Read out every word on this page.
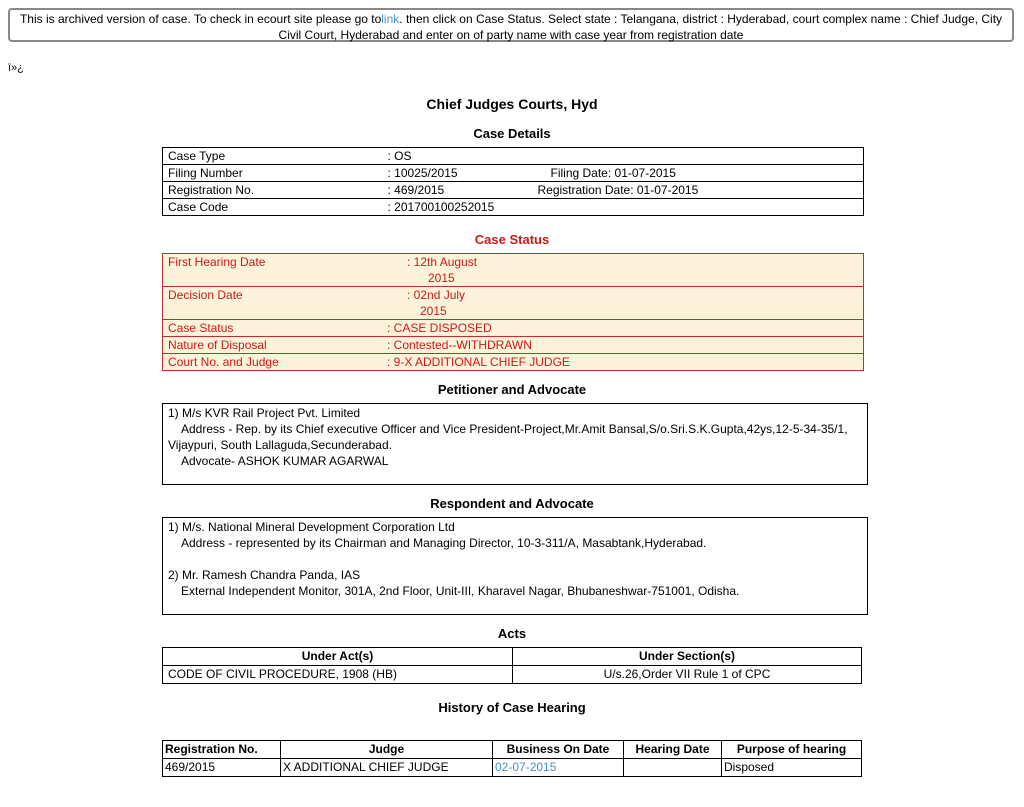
This is archived version of case. To check in ecourt site please go tolink. then click on Case Status. Select state : Telangana, district : Hyderabad, court complex name : Chief Judge, City Civil Court, Hyderabad and enter on of party name with case year from registration date
ï»¿
Chief Judges Courts, Hyd
Case Details
Case Type	: OS	
Filing Number	: 10025/2015	Filing Date: 01-07-2015
Registration No.	: 469/2015	Registration Date: 01-07-2015
Case Code	: 201700100252015	
Case Status
First Hearing Date	: 12th August
2015

Decision Date	: 02nd July
2015

Case Status	: CASE DISPOSED
Nature of Disposal	: Contested--WITHDRAWN
Court No. and Judge	: 9-X ADDITIONAL CHIEF JUDGE
Petitioner and Advocate
1) M/s KVR Rail Project Pvt. Limited
Address - Rep. by its Chief executive Officer and Vice President-Project,Mr.Amit Bansal,S/o.Sri.S.K.Gupta,42ys,12-5-34-35/1,
Vijaypuri, South Lallaguda,Secunderabad.
Advocate- ASHOK KUMAR AGARWAL
Respondent and Advocate
1) M/s. National Mineral Development Corporation Ltd
Address - represented by its Chairman and Managing Director, 10-3-311/A, Masabtank,Hyderabad.
2) Mr. Ramesh Chandra Panda, IAS
External Independent Monitor, 301A, 2nd Floor, Unit-III, Kharavel Nagar, Bhubaneshwar-751001, Odisha.
Acts
Under Act(s)	Under Section(s)
CODE OF CIVIL PROCEDURE, 1908 (HB)	U/s.26,Order VII Rule 1 of CPC
History of Case Hearing
Registration No.	Judge	Business On Date	Hearing Date	Purpose of hearing
469/2015	X ADDITIONAL CHIEF JUDGE	02-07-2015		Disposed
